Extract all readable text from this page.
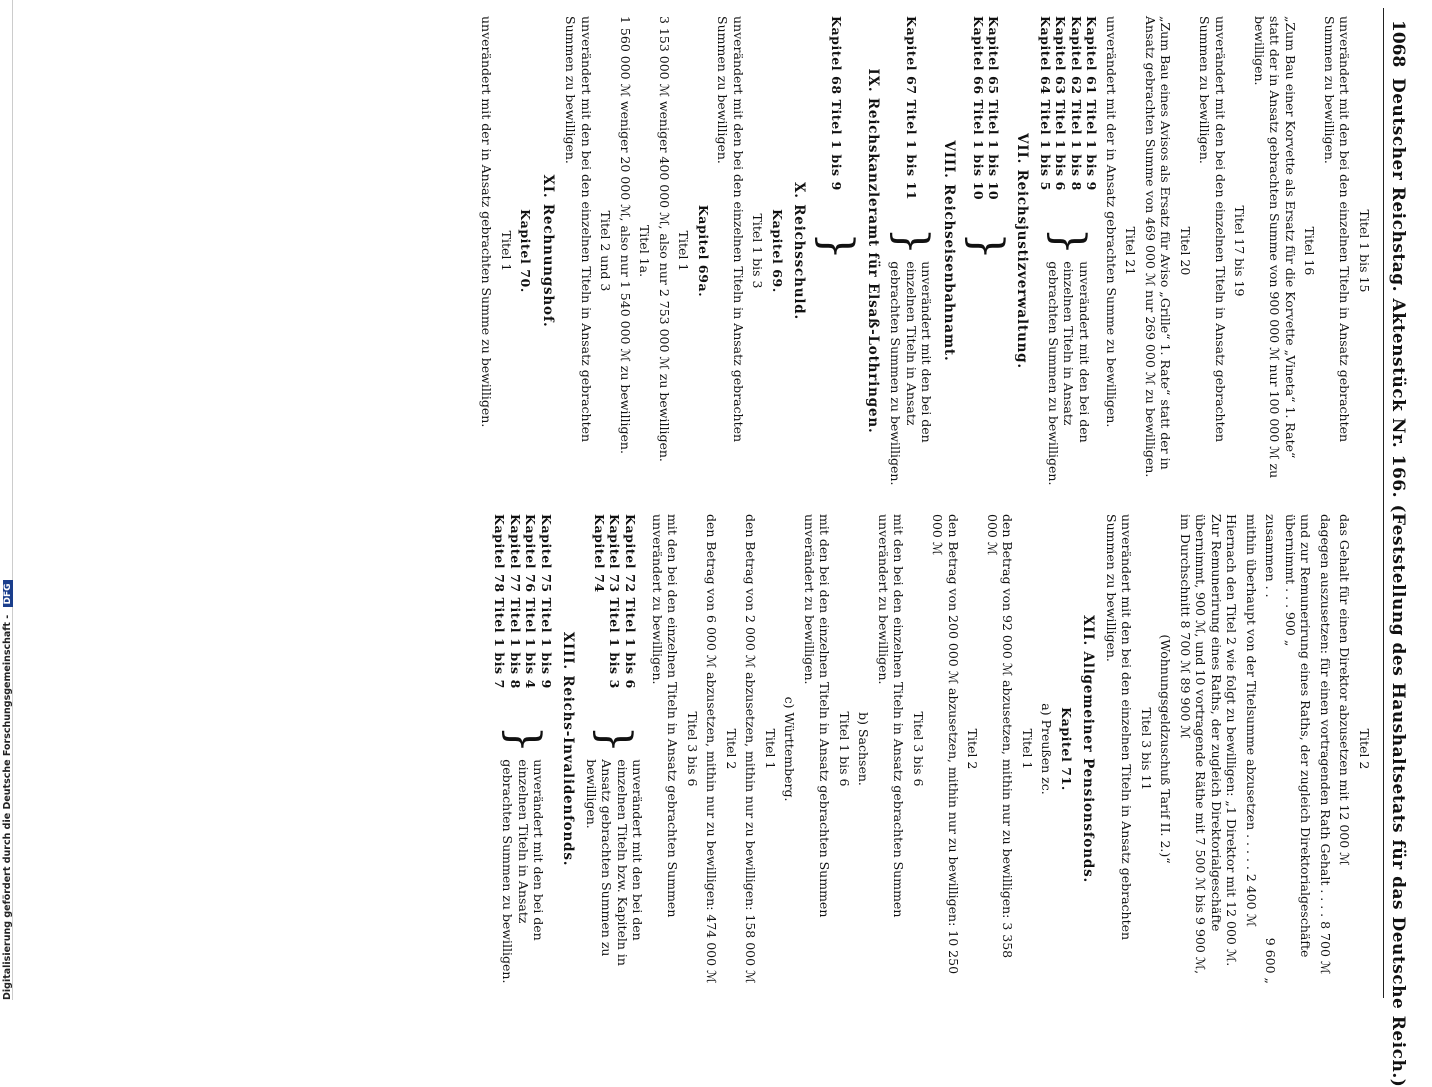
1068
Deutscher Reichstag. Aktenstück Nr. 166. (Feststellung des Haushaltsetats für das Deutsche Reich.)
Titel 1 bis 15
unverändert mit den bei den einzelnen Titeln in Ansatz gebrachten Summen zu bewilligen.
Titel 16
„Zum Bau einer Korvette als Ersatz für die Korvette „Vineta“ 1. Rate“ statt der in Ansatz gebrachten Summe von 900 000 ℳ nur 100 000 ℳ zu bewilligen.
Titel 17 bis 19
unverändert mit den bei den einzelnen Titeln in Ansatz gebrachten Summen zu bewilligen.
Titel 20
„Zum Bau eines Avisos als Ersatz für Aviso „Grille“ 1. Rate“ statt der in Ansatz gebrachten Summe von 469 000 ℳ nur 269 000 ℳ zu bewilligen.
Titel 21
unverändert mit der in Ansatz gebrachten Summe zu bewilligen.
Kapitel 61 Titel 1 bis 9
Kapitel 62 Titel 1 bis 8
Kapitel 63 Titel 1 bis 6
Kapitel 64 Titel 1 bis 5
}
unverändert mit den bei den einzelnen Titeln in Ansatz gebrachten Summen zu bewilligen.
VII. Reichsjustizverwaltung.
Kapitel 65 Titel 1 bis 10
Kapitel 66 Titel 1 bis 10
}
VIII. Reichseisenbahnamt.
Kapitel 67 Titel 1 bis 11
}
unverändert mit den bei den einzelnen Titeln in Ansatz gebrachten Summen zu bewilligen.
IX. Reichskanzleramt für Elsaß-Lothringen.
Kapitel 68 Titel 1 bis 9
}
X. Reichsschuld.
Kapitel 69.
Titel 1 bis 3
unverändert mit den bei den einzelnen Titeln in Ansatz gebrachten Summen zu bewilligen.
Kapitel 69a.
Titel 1
3 153 000 ℳ weniger 400 000 ℳ, also nur 2 753 000 ℳ zu bewilligen.
Titel 1a.
1 560 000 ℳ weniger 20 000 ℳ, also nur 1 540 000 ℳ zu bewilligen.
Titel 2 und 3
unverändert mit den bei den einzelnen Titeln in Ansatz gebrachten Summen zu bewilligen.
XI. Rechnungshof.
Kapitel 70.
Titel 1
unverändert mit der in Ansatz gebrachten Summe zu bewilligen.
Titel 2
das Gehalt für einen Direktor abzusetzen mit 12 000 ℳ
dagegen auszusetzen: für einen vortragenden Rath Gehalt . . . . 8 700 ℳ
und zur Remunerirung eines Raths, der zugleich Direktorialgeschäfte übernimmt . . . 900 „
zusammen . .
9 600 „
mithin überhaupt von der Titelsumme abzusetzen . . . . . 2 400 ℳ
Hiernach den Titel 2 wie folgt zu bewilligen: „1 Direktor mit 12 000 ℳ. Zur Remunerirung eines Raths, der zugleich Direktorialgeschäfte übernimmt, 900 ℳ, und 10 vortragende Räthe mit 7 500 ℳ bis 9 900 ℳ, im Durchschnitt 8 700 ℳ 89 900 ℳ
(Wohnungsgeldzuschuß Tarif II. 2.)“
Titel 3 bis 11
unverändert mit den bei den einzelnen Titeln in Ansatz gebrachten Summen zu bewilligen.
XII. Allgemeiner Pensionsfonds.
Kapitel 71.
a) Preußen zc.
Titel 1
den Betrag von 92 000 ℳ abzusetzen, mithin nur zu bewilligen: 3 358 000 ℳ
Titel 2
den Betrag von 200 000 ℳ abzusetzen, mithin nur zu bewilligen: 10 250 000 ℳ
Titel 3 bis 6
mit den bei den einzelnen Titeln in Ansatz gebrachten Summen unverändert zu bewilligen.
b) Sachsen.
Titel 1 bis 6
mit den bei den einzelnen Titeln in Ansatz gebrachten Summen unverändert zu bewilligen.
c) Württemberg.
Titel 1
den Betrag von 2 000 ℳ abzusetzen, mithin nur zu bewilligen: 158 000 ℳ
Titel 2
den Betrag von 6 000 ℳ abzusetzen, mithin nur zu bewilligen: 474 000 ℳ
Titel 3 bis 6
mit den bei den einzelnen Titeln in Ansatz gebrachten Summen unverändert zu bewilligen.
Kapitel 72 Titel 1 bis 6
Kapitel 73 Titel 1 bis 3
Kapitel 74
}
unverändert mit den bei den einzelnen Titeln bzw. Kapiteln in Ansatz gebrachten Summen zu bewilligen.
XIII. Reichs-Invalidenfonds.
Kapitel 75 Titel 1 bis 9
Kapitel 76 Titel 1 bis 4
Kapitel 77 Titel 1 bis 8
Kapitel 78 Titel 1 bis 7
}
unverändert mit den bei den einzelnen Titeln in Ansatz gebrachten Summen zu bewilligen.
Digitalisierung gefördert durch die Deutsche Forschungsgemeinschaft - DFG
